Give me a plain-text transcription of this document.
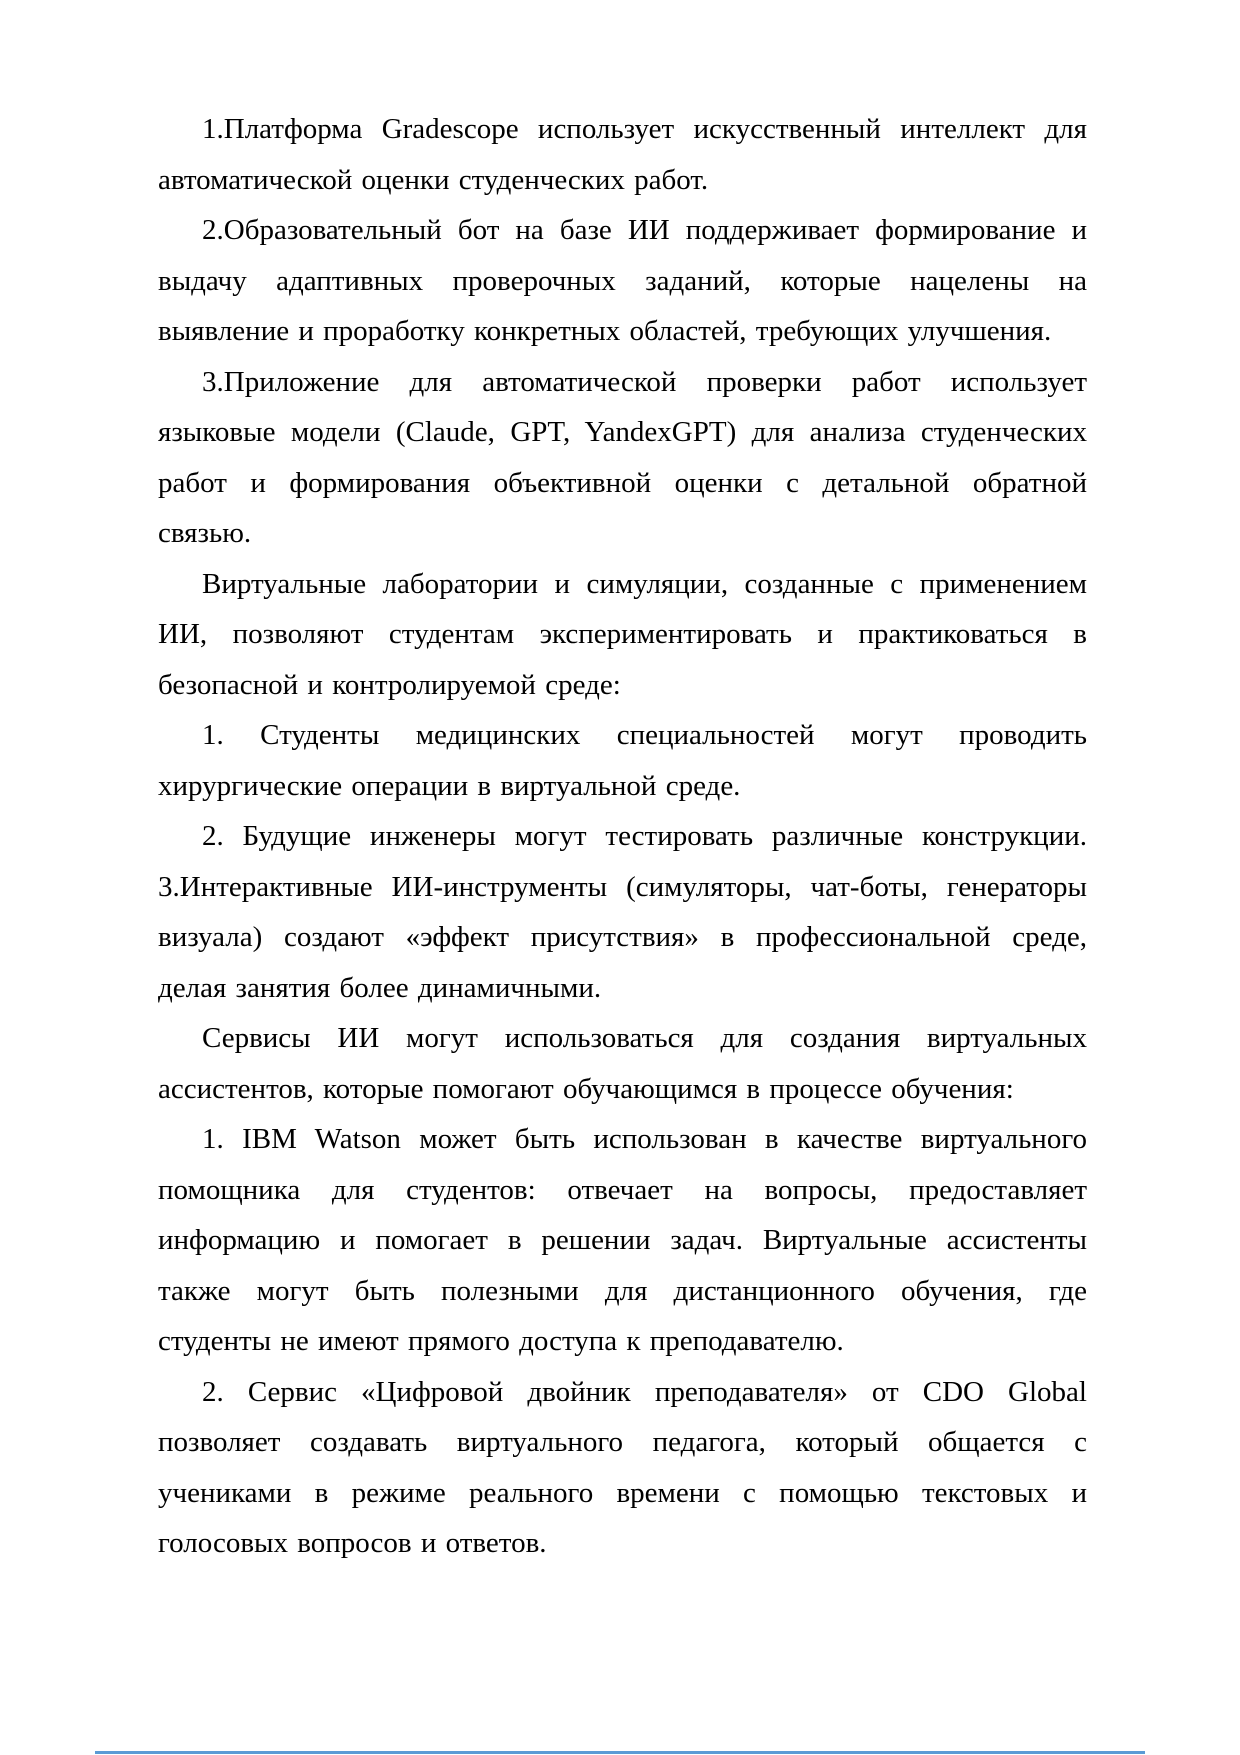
1.Платформа Gradescope использует искусственный интеллект для автоматической оценки студенческих работ.

2.Образовательный бот на базе ИИ поддерживает формирование и выдачу адаптивных проверочных заданий, которые нацелены на выявление и проработку конкретных областей, требующих улучшения.

3.Приложение для автоматической проверки работ использует языковые модели (Claude, GPT, YandexGPT) для анализа студенческих работ и формирования объективной оценки с детальной обратной связью.

Виртуальные лаборатории и симуляции, созданные с применением ИИ, позволяют студентам экспериментировать и практиковаться в безопасной и контролируемой среде:

1. Студенты медицинских специальностей могут проводить хирургические операции в виртуальной среде.

2. Будущие инженеры могут тестировать различные конструкции. 3.Интерактивные ИИ-инструменты (симуляторы, чат-боты, генераторы визуала) создают «эффект присутствия» в профессиональной среде, делая занятия более динамичными.

Сервисы ИИ могут использоваться для создания виртуальных ассистентов, которые помогают обучающимся в процессе обучения:

1. IBM Watson может быть использован в качестве виртуального помощника для студентов: отвечает на вопросы, предоставляет информацию и помогает в решении задач. Виртуальные ассистенты также могут быть полезными для дистанционного обучения, где студенты не имеют прямого доступа к преподавателю.

2. Сервис «Цифровой двойник преподавателя» от CDO Global позволяет создавать виртуального педагога, который общается с учениками в режиме реального времени с помощью текстовых и голосовых вопросов и ответов.
